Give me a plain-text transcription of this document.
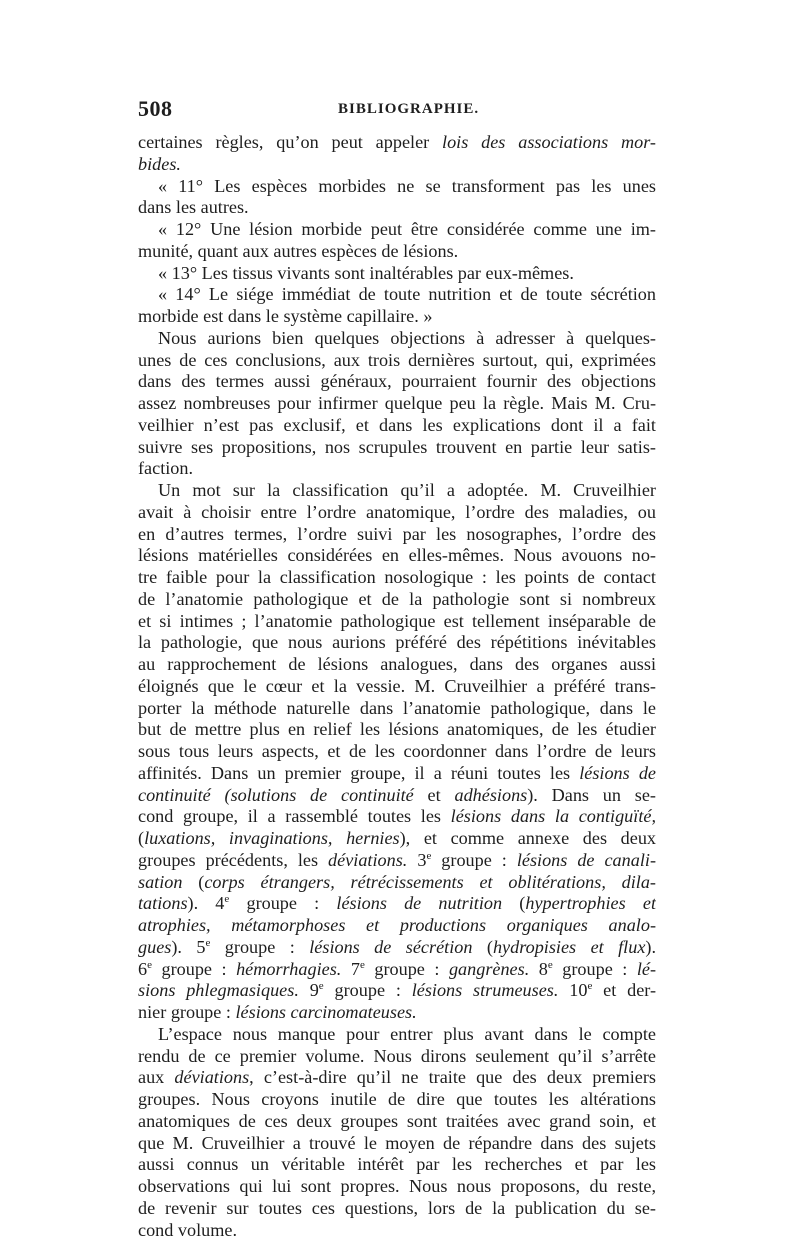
508	BIBLIOGRAPHIE.
certaines règles, qu’on peut appeler lois des associations mor-
bides.
« 11° Les espèces morbides ne se transforment pas les unes
dans les autres.
« 12° Une lésion morbide peut être considérée comme une im-
munité, quant aux autres espèces de lésions.
« 13° Les tissus vivants sont inaltérables par eux-mêmes.
« 14° Le siége immédiat de toute nutrition et de toute sécrétion
morbide est dans le système capillaire. »
Nous aurions bien quelques objections à adresser à quelques-
unes de ces conclusions, aux trois dernières surtout, qui, exprimées
dans des termes aussi généraux, pourraient fournir des objections
assez nombreuses pour infirmer quelque peu la règle. Mais M. Cru-
veilhier n’est pas exclusif, et dans les explications dont il a fait
suivre ses propositions, nos scrupules trouvent en partie leur satis-
faction.
Un mot sur la classification qu’il a adoptée. M. Cruveilhier
avait à choisir entre l’ordre anatomique, l’ordre des maladies, ou
en d’autres termes, l’ordre suivi par les nosographes, l’ordre des
lésions matérielles considérées en elles-mêmes. Nous avouons no-
tre faible pour la classification nosologique : les points de contact
de l’anatomie pathologique et de la pathologie sont si nombreux
et si intimes ; l’anatomie pathologique est tellement inséparable de
la pathologie, que nous aurions préféré des répétitions inévitables
au rapprochement de lésions analogues, dans des organes aussi
éloignés que le cœur et la vessie. M. Cruveilhier a préféré trans-
porter la méthode naturelle dans l’anatomie pathologique, dans le
but de mettre plus en relief les lésions anatomiques, de les étudier
sous tous leurs aspects, et de les coordonner dans l’ordre de leurs
affinités. Dans un premier groupe, il a réuni toutes les lésions de
continuité (solutions de continuité et adhésions). Dans un se-
cond groupe, il a rassemblé toutes les lésions dans la contiguïté,
(luxations, invaginations, hernies), et comme annexe des deux
groupes précédents, les déviations. 3e groupe : lésions de canali-
sation (corps étrangers, rétrécissements et oblitérations, dila-
tations). 4e groupe : lésions de nutrition (hypertrophies et
atrophies, métamorphoses et productions organiques analo-
gues). 5e groupe : lésions de sécrétion (hydropisies et flux).
6e groupe : hémorrhagies. 7e groupe : gangrènes. 8e groupe : lé-
sions phlegmasiques. 9e groupe : lésions strumeuses. 10e et der-
nier groupe : lésions carcinomateuses.
L’espace nous manque pour entrer plus avant dans le compte
rendu de ce premier volume. Nous dirons seulement qu’il s’arrête
aux déviations, c’est-à-dire qu’il ne traite que des deux premiers
groupes. Nous croyons inutile de dire que toutes les altérations
anatomiques de ces deux groupes sont traitées avec grand soin, et
que M. Cruveilhier a trouvé le moyen de répandre dans des sujets
aussi connus un véritable intérêt par les recherches et par les
observations qui lui sont propres. Nous nous proposons, du reste,
de revenir sur toutes ces questions, lors de la publication du se-
cond volume.
